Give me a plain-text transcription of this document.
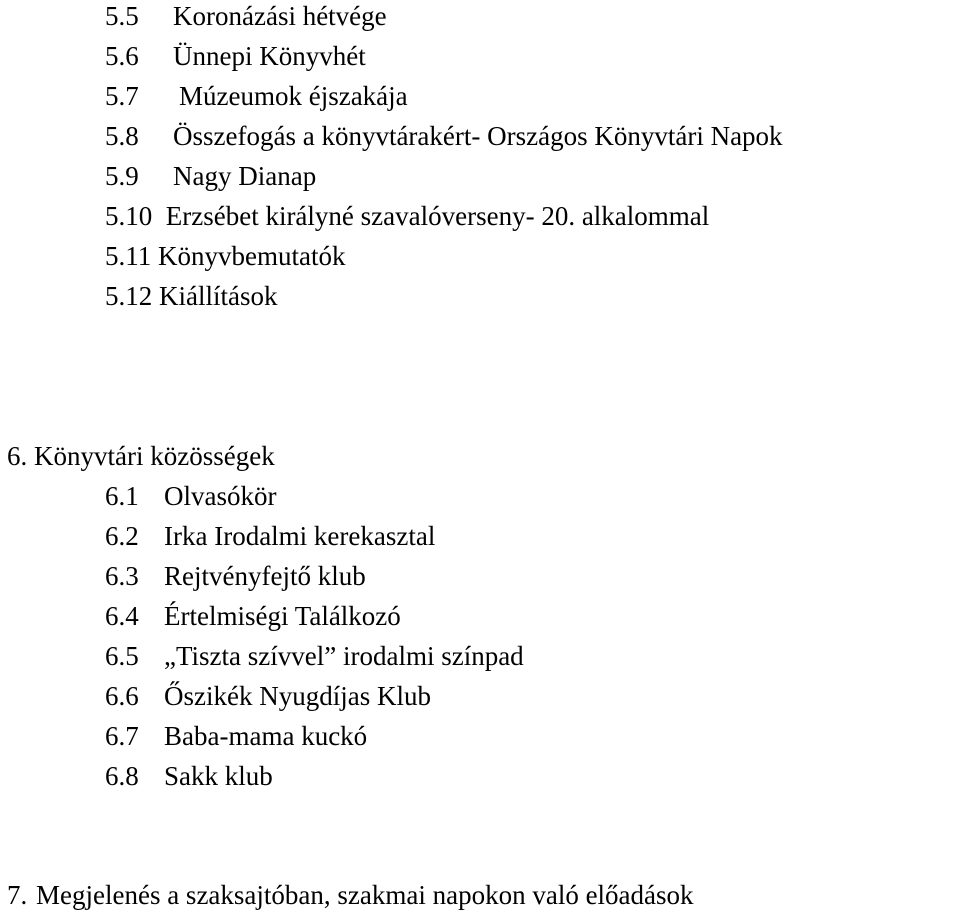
5.5 Koronázási hétvége
5.6 Ünnepi Könyvhét
5.7 Múzeumok éjszakája
5.8 Összefogás a könyvtárakért- Országos Könyvtári Napok
5.9 Nagy Dianap
5.10 Erzsébet királyné szavalóverseny- 20. alkalommal
5.11 Könyvbemutatók
5.12 Kiállítások
6. Könyvtári közösségek
6.1 Olvasókör
6.2 Irka Irodalmi kerekasztal
6.3 Rejtvényfejtő klub
6.4 Értelmiségi Találkozó
6.5 „Tiszta szívvel” irodalmi színpad
6.6 Őszikék Nyugdíjas Klub
6.7 Baba-mama kuckó
6.8 Sakk klub
7. Megjelenés a szaksajtóban, szakmai napokon való előadások
